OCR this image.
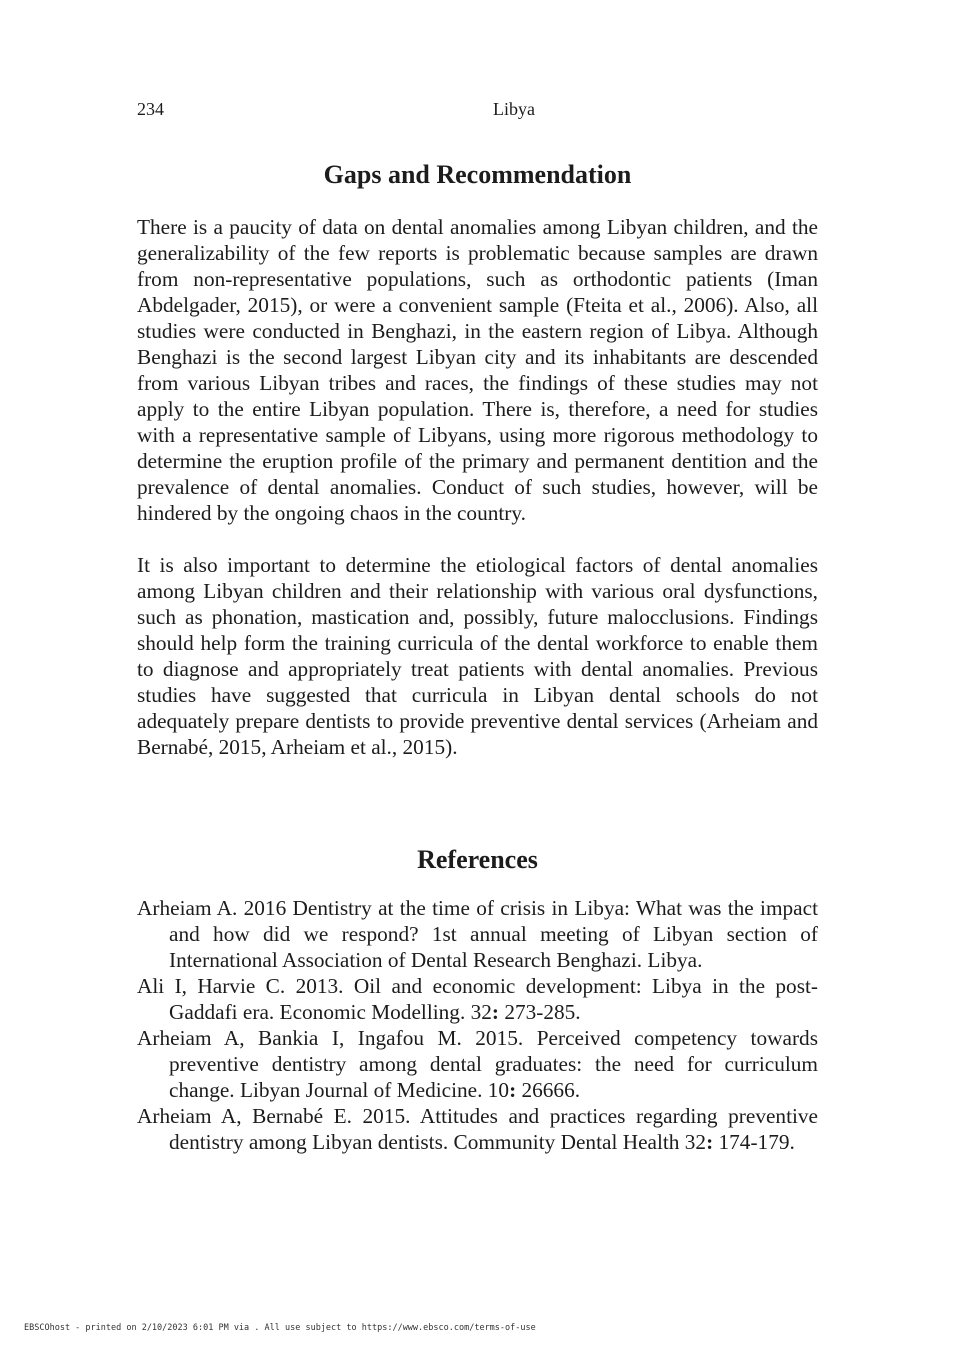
234	Libya
Gaps and Recommendation

There is a paucity of data on dental anomalies among Libyan children, and the generalizability of the few reports is problematic because samples are drawn from non-representative populations, such as orthodontic patients (Iman Abdelgader, 2015), or were a convenient sample (Fteita et al., 2006). Also, all studies were conducted in Benghazi, in the eastern region of Libya. Although Benghazi is the second largest Libyan city and its inhabitants are descended from various Libyan tribes and races, the findings of these studies may not apply to the entire Libyan population. There is, therefore, a need for studies with a representative sample of Libyans, using more rigorous methodology to determine the eruption profile of the primary and permanent dentition and the prevalence of dental anomalies. Conduct of such studies, however, will be hindered by the ongoing chaos in the country.

It is also important to determine the etiological factors of dental anomalies among Libyan children and their relationship with various oral dysfunctions, such as phonation, mastication and, possibly, future malocclusions. Findings should help form the training curricula of the dental workforce to enable them to diagnose and appropriately treat patients with dental anomalies. Previous studies have suggested that curricula in Libyan dental schools do not adequately prepare dentists to provide preventive dental services (Arheiam and Bernabé, 2015, Arheiam et al., 2015).

References
Arheiam A. 2016 Dentistry at the time of crisis in Libya: What was the impact and how did we respond? 1st annual meeting of Libyan section of International Association of Dental Research Benghazi. Libya.
Ali I, Harvie C. 2013. Oil and economic development: Libya in the post-Gaddafi era. Economic Modelling. 32: 273-285.
Arheiam A, Bankia I, Ingafou M. 2015. Perceived competency towards preventive dentistry among dental graduates: the need for curriculum change. Libyan Journal of Medicine. 10: 26666.
Arheiam A, Bernabé E. 2015. Attitudes and practices regarding preventive dentistry among Libyan dentists. Community Dental Health 32: 174-179.
EBSCOhost - printed on 2/10/2023 6:01 PM via . All use subject to https://www.ebsco.com/terms-of-use
